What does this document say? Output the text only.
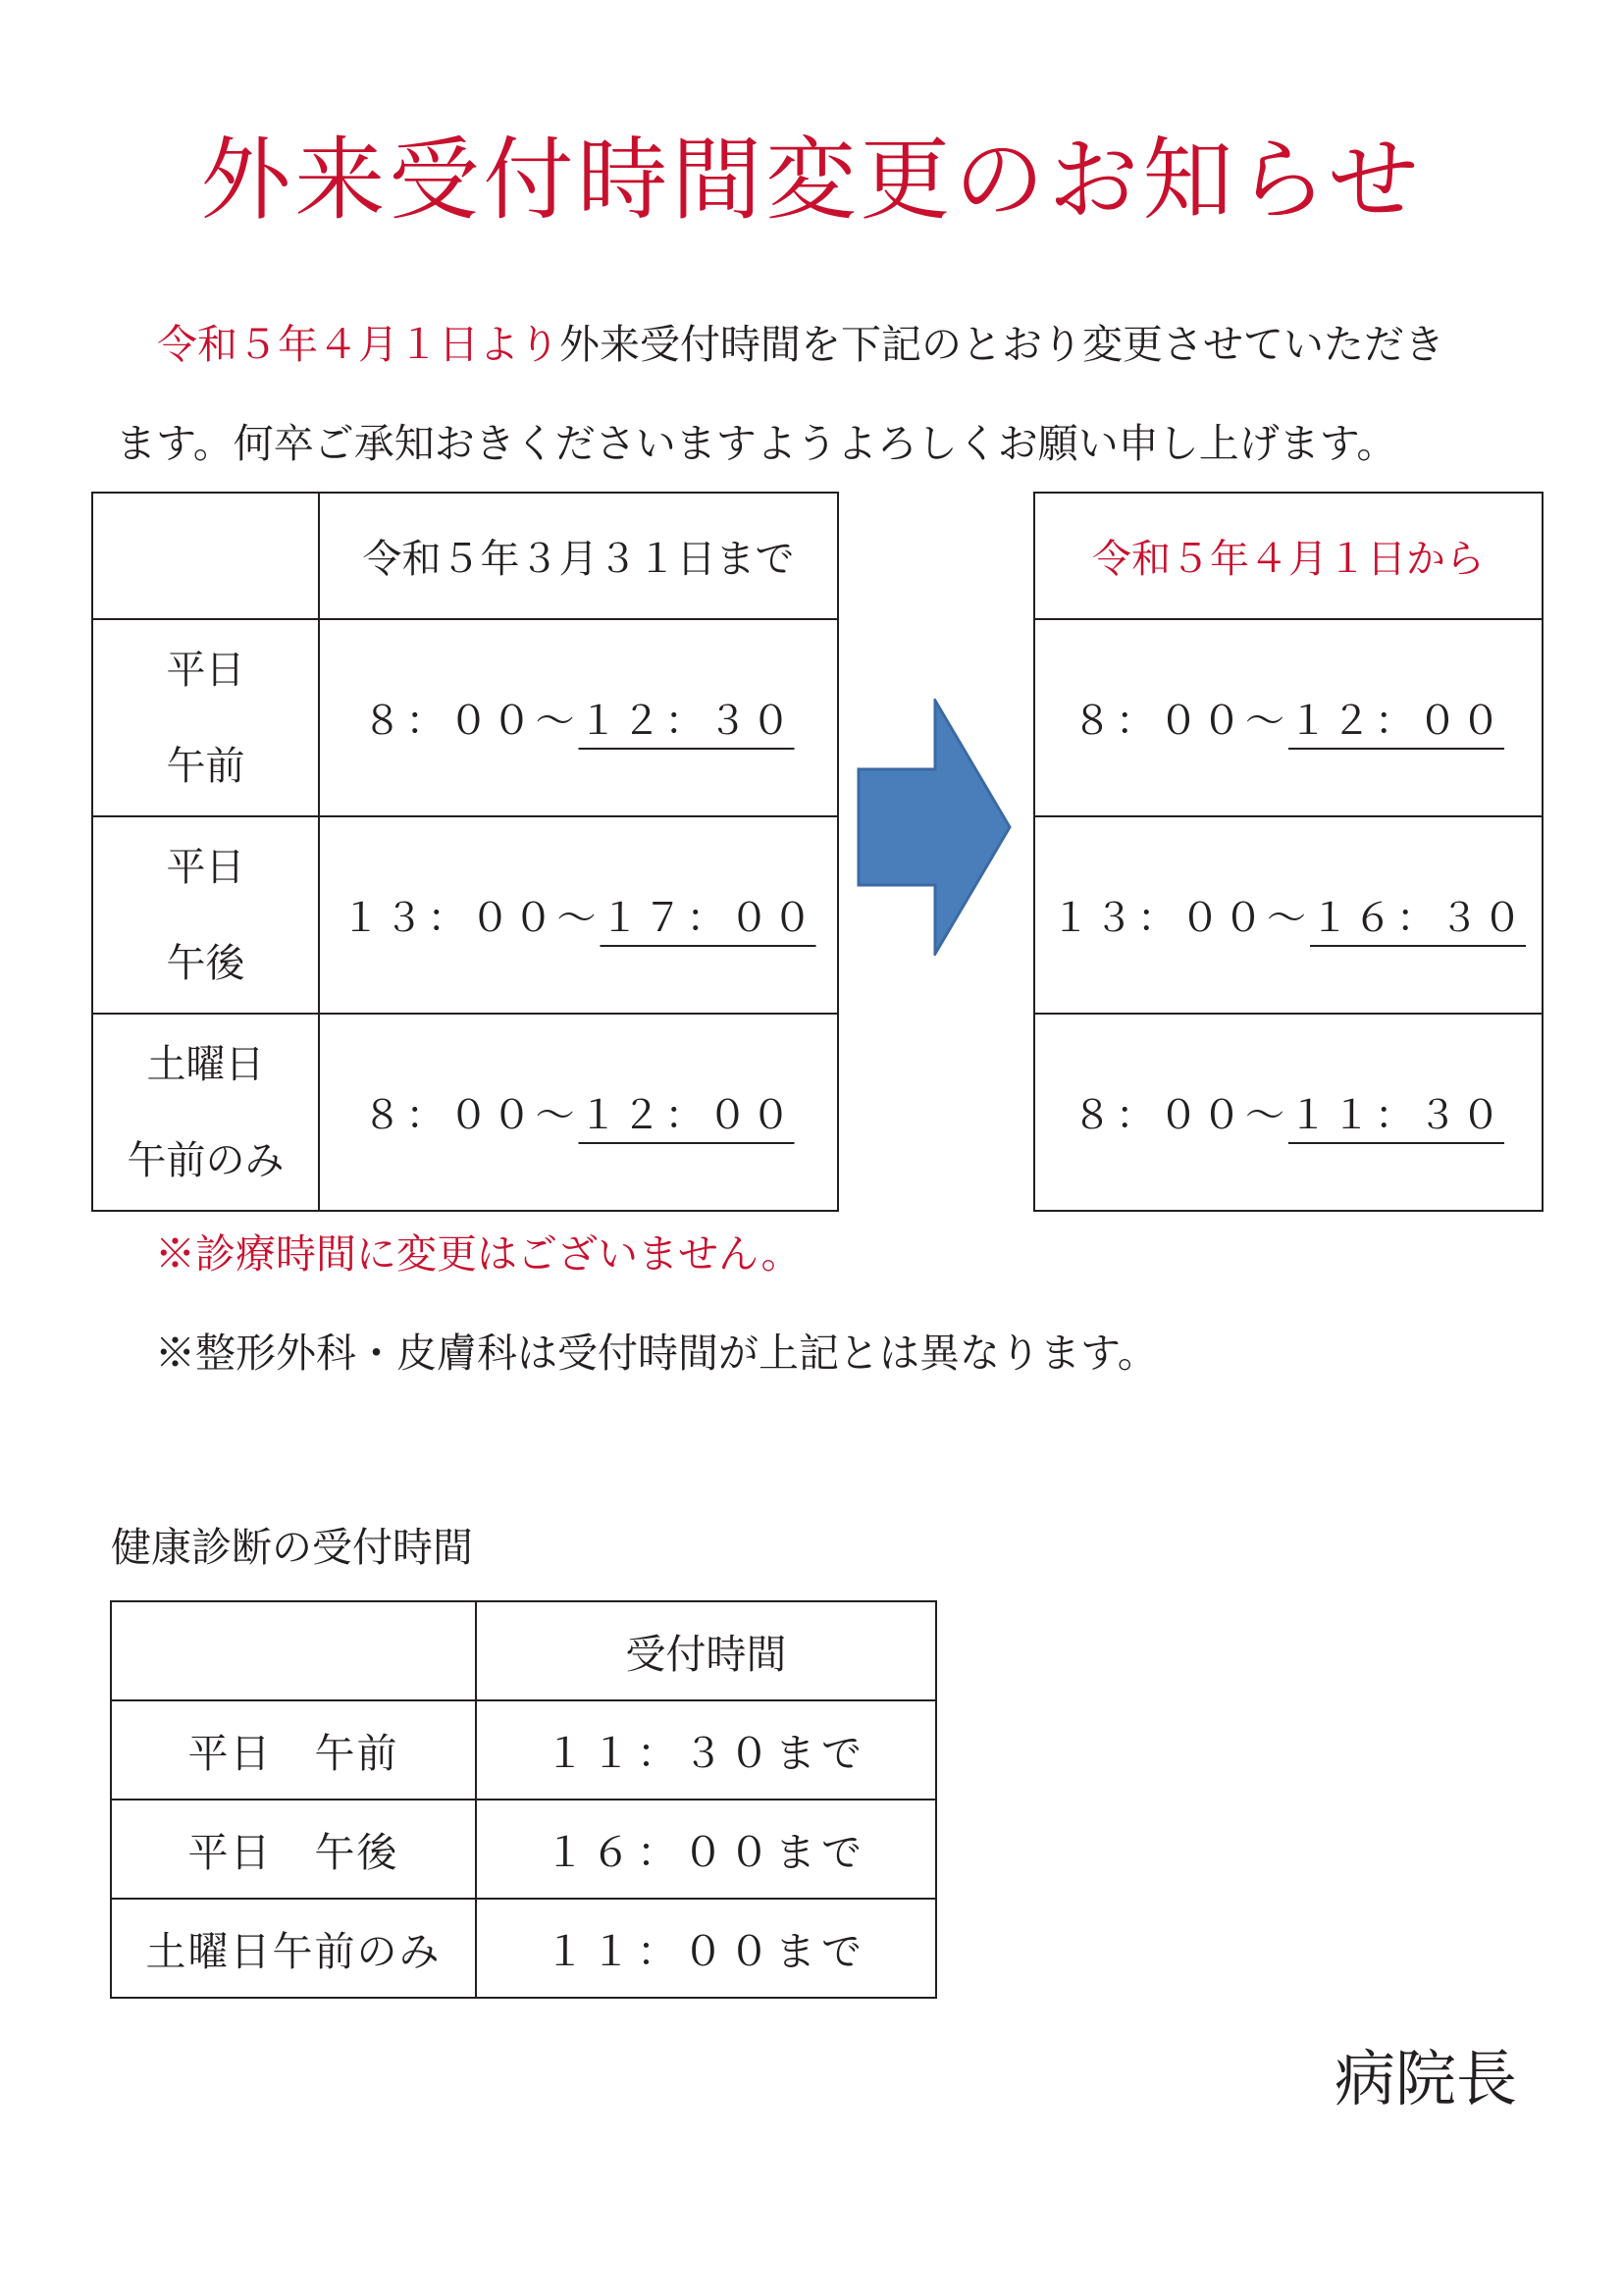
外来受付時間変更のお知らせ
令和５年４月１日より外来受付時間を下記のとおり変更させていただき
ます。何卒ご承知おきくださいますようよろしくお願い申し上げます。
	令和５年３月３１日まで

平日
午前	８：００～１２：３０

平日
午後	１３：００～１７：００

土曜日
午前のみ	８：００～１２：００
令和５年４月１日から
８：００～１２：００
１３：００～１６：３０
８：００～１１：３０
※診療時間に変更はございません。
※整形外科・皮膚科は受付時間が上記とは異なります。
健康診断の受付時間
	受付時間
平日　午前	１１：３０まで
平日　午後	１６：００まで
土曜日午前のみ	１１：００まで
病院長
